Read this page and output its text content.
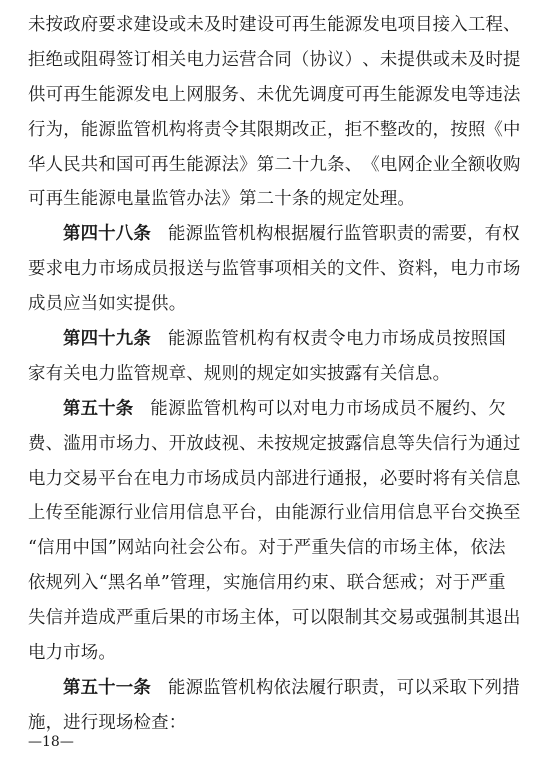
未 按 政 府 要 求 建 设 或 未 及 时 建 设 可 再 生 能 源 发 电 项 目 接 入 工 程 、
拒 绝 或 阻 碍 签 订 相 关 电 力 运 营 合 同 （ 协 议 ） 、 未 提 供 或 未 及 时 提
供 可 再 生 能 源 发 电 上 网 服 务 、 未 优 先 调 度 可 再 生 能 源 发 电 等 违 法
行 为 ， 能 源 监 管 机 构 将 责 令 其 限 期 改 正 ， 拒 不 整 改 的 ， 按 照 《 中
华 人 民 共 和 国 可 再 生 能 源 法 》 第 二 十 九 条 、 《 电 网 企 业 全 额 收 购
可再生能源电量监管办法》第二十条的规定处理。
第四十八条 能 源 监 管 机 构 根 据 履 行 监 管 职 责 的 需 要 ， 有 权
要 求 电 力 市 场 成 员 报 送 与 监 管 事 项 相 关 的 文 件 、 资 料 ， 电 力 市 场
成员应当如实提供。
第四十九条 能 源 监 管 机 构 有 权 责 令 电 力 市 场 成 员 按 照 国
家有关电力监管规章、规则的规定如实披露有关信息。
第五十条 能 源 监 管 机 构 可 以 对 电 力 市 场 成 员 不 履 约 、 欠
费 、 滥 用 市 场 力 、 开 放 歧 视 、 未 按 规 定 披 露 信 息 等 失 信 行 为 通 过
电 力 交 易 平 台 在 电 力 市 场 成 员 内 部 进 行 通 报 ， 必 要 时 将 有 关 信 息
上 传 至 能 源 行 业 信 用 信 息 平 台 ， 由 能 源 行 业 信 用 信 息 平 台 交 换 至
“ 信 用 中 国 ” 网 站 向 社 会 公 布 。 对 于 严 重 失 信 的 市 场 主 体 ， 依 法
依 规 列 入 “ 黑 名 单 ” 管 理 ， 实 施 信 用 约 束 、 联 合 惩 戒 ； 对 于 严 重
失 信 并 造 成 严 重 后 果 的 市 场 主 体 ， 可 以 限 制 其 交 易 或 强 制 其 退 出
电力市场。
第五十一条 能 源 监 管 机 构 依 法 履 行 职 责 ， 可 以 采 取 下 列 措
施，进行现场检查：
—18—
